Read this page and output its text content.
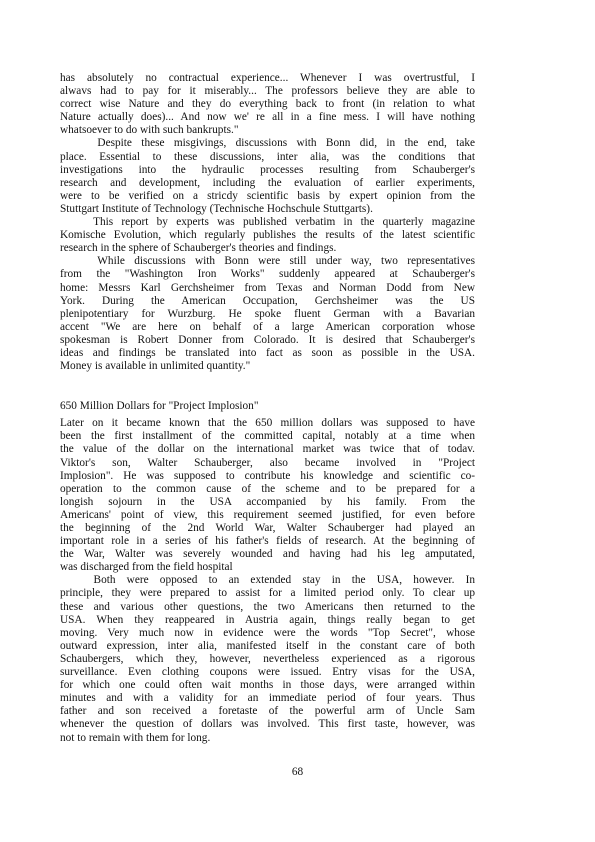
has absolutely no contractual experience... Whenever I was overtrustful, I
alwavs had to pay for it miserably... The professors believe they are able to
correct wise Nature and they do everything back to front (in relation to what
Nature actually does)... And now we' re all in a fine mess. I will have nothing
whatsoever to do with such bankrupts."
Despite these misgivings, discussions with Bonn did, in the end, take
place. Essential to these discussions, inter alia, was the conditions that
investigations into the hydraulic processes resulting from Schauberger's
research and development, including the evaluation of earlier experiments,
were to be verified on a stricdy scientific basis by expert opinion from the
Stuttgart Institute of Technology (Technische Hochschule Stuttgarts).
This report by experts was published verbatim in the quarterly magazine
Komische Evolution, which regularly publishes the results of the latest scientific
research in the sphere of Schauberger's theories and findings.
While discussions with Bonn were still under way, two representatives
from the "Washington Iron Works" suddenly appeared at Schauberger's
home: Messrs Karl Gerchsheimer from Texas and Norman Dodd from New
York. During the American Occupation, Gerchsheimer was the US
plenipotentiary for Wurzburg. He spoke fluent German with a Bavarian
accent "We are here on behalf of a large American corporation whose
spokesman is Robert Donner from Colorado. It is desired that Schauberger's
ideas and findings be translated into fact as soon as possible in the USA.
Money is available in unlimited quantity."
650 Million Dollars for "Project Implosion"
Later on it became known that the 650 million dollars was supposed to have
been the first installment of the committed capital, notably at a time when
the value of the dollar on the international market was twice that of todav.
Viktor's son, Walter Schauberger, also became involved in "Project
Implosion". He was supposed to contribute his knowledge and scientific co-
operation to the common cause of the scheme and to be prepared for a
longish sojourn in the USA accompanied by his family. From the
Americans' point of view, this requirement seemed justified, for even before
the beginning of the 2nd World War, Walter Schauberger had played an
important role in a series of his father's fields of research. At the beginning of
the War, Walter was severely wounded and having had his leg amputated,
was discharged from the field hospital
Both were opposed to an extended stay in the USA, however. In
principle, they were prepared to assist for a limited period only. To clear up
these and various other questions, the two Americans then returned to the
USA. When they reappeared in Austria again, things really began to get
moving. Very much now in evidence were the words "Top Secret", whose
outward expression, inter alia, manifested itself in the constant care of both
Schaubergers, which they, however, nevertheless experienced as a rigorous
surveillance. Even clothing coupons were issued. Entry visas for the USA,
for which one could often wait months in those days, were arranged within
minutes and with a validity for an immediate period of four years. Thus
father and son received a foretaste of the powerful arm of Uncle Sam
whenever the question of dollars was involved. This first taste, however, was
not to remain with them for long.
68
